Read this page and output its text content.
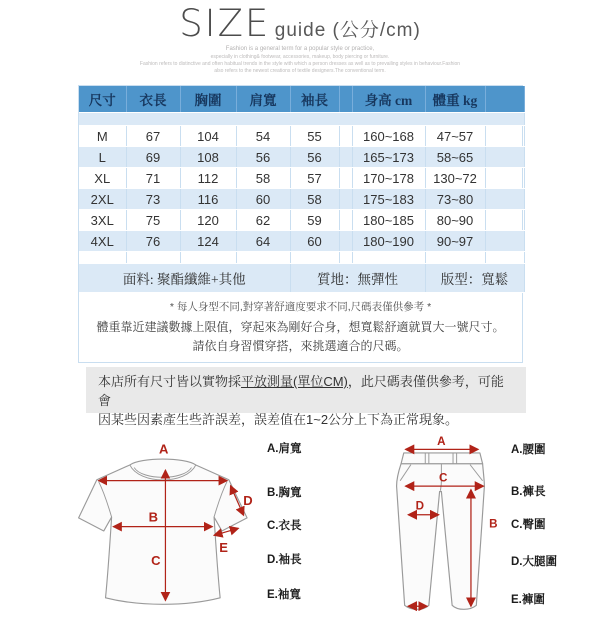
SIZE guide (公分/cm)
Fashion is a general term for a popular style or practice,
especially in clothing& footwear, accessories, makeup, body piercing or furniture.
Fashion refers to distinctive and often habitual trends in the style with which a person dresses as well as to prevailing styles in behaviour.Fashion
also refers to the newest creations of textile designers.The conventional term.
尺寸	衣長	胸圍	肩寬	袖長		身高 cm	體重 kg	

M	67	104	54	55		160~168	47~57	
L	69	108	56	56		165~173	58~65	
XL	71	112	58	57		170~178	130~72	
2XL	73	116	60	58		175~183	73~80	
3XL	75	120	62	59		180~185	80~90	
4XL	76	124	64	60		180~190	90~97	

面料: 聚酯纖維+其他				質地：無彈性			版型：寬鬆	
* 每人身型不同,對穿著舒適度要求不同,尺碼表僅供參考 *
體重靠近建議數據上限值，穿起來為剛好合身，想寬鬆舒適就買大一號尺寸。
請依自身習慣穿搭，來挑選適合的尺碼。
本店所有尺寸皆以實物採平放測量(單位CM)，此尺碼表僅供參考，可能會
因某些因素產生些許誤差，誤差值在1~2公分上下為正常現象。
A
B
C
D
E
A.肩寬
B.胸寬
C.衣長
D.袖長
E.袖寬
A
C
D
B
A.腰圍
B.褲長
C.臀圍
D.大腿圍
E.褲圍
